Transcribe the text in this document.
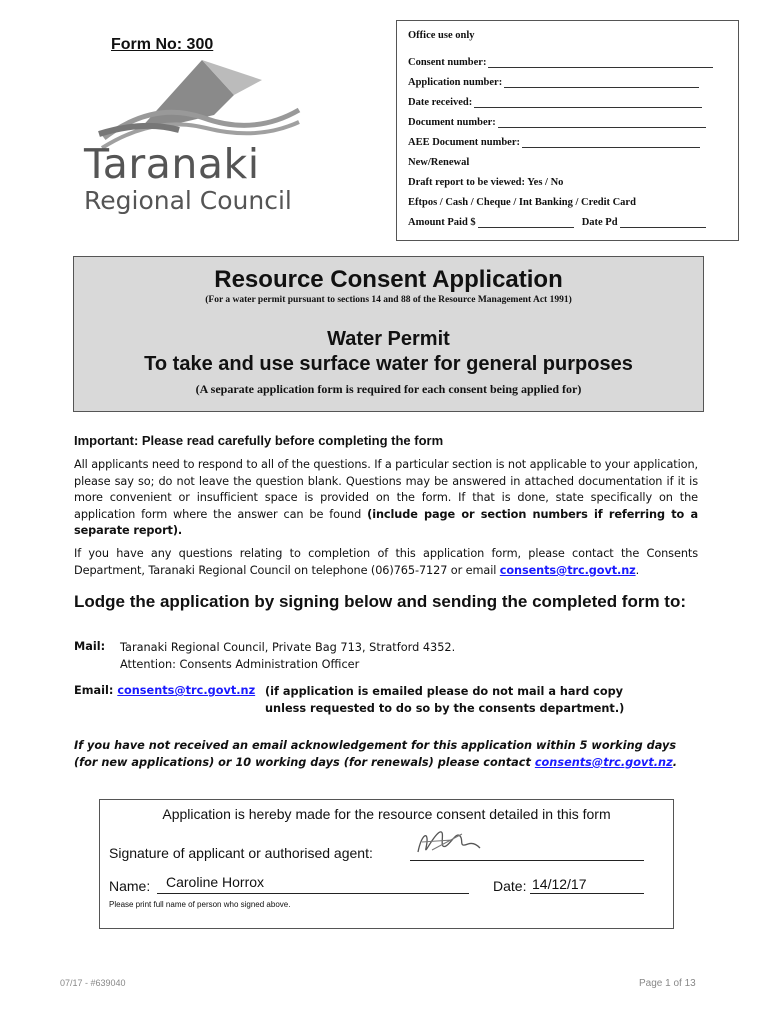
Form No: 300
Taranaki
Regional Council
Office use only
Consent number:
Application number:
Date received:
Document number:
AEE Document number:
New/Renewal
Draft report to be viewed: Yes / No
Eftpos / Cash / Cheque / Int Banking / Credit Card
Amount Paid $	Date Pd
Resource Consent Application
(For a water permit pursuant to sections 14 and 88 of the Resource Management Act 1991)
Water Permit
To take and use surface water for general purposes
(A separate application form is required for each consent being applied for)
Important: Please read carefully before completing the form
All applicants need to respond to all of the questions. If a particular section is not applicable to your application, please say so; do not leave the question blank. Questions may be answered in attached documentation if it is more convenient or insufficient space is provided on the form. If that is done, state specifically on the application form where the answer can be found (include page or section numbers if referring to a separate report).
If you have any questions relating to completion of this application form, please contact the Consents Department, Taranaki Regional Council on telephone (06)765-7127 or email consents@trc.govt.nz.
Lodge the application by signing below and sending the completed form to:
Mail: Taranaki Regional Council, Private Bag 713, Stratford 4352.
Attention: Consents Administration Officer
Email: consents@trc.govt.nz (if application is emailed please do not mail a hard copy unless requested to do so by the consents department.)
If you have not received an email acknowledgement for this application within 5 working days (for new applications) or 10 working days (for renewals) please contact consents@trc.govt.nz.
Application is hereby made for the resource consent detailed in this form
Signature of applicant or authorised agent:
Name: Caroline Horrox	Date: 14/12/17
Please print full name of person who signed above.
07/17 - #639040	Page 1 of 13
